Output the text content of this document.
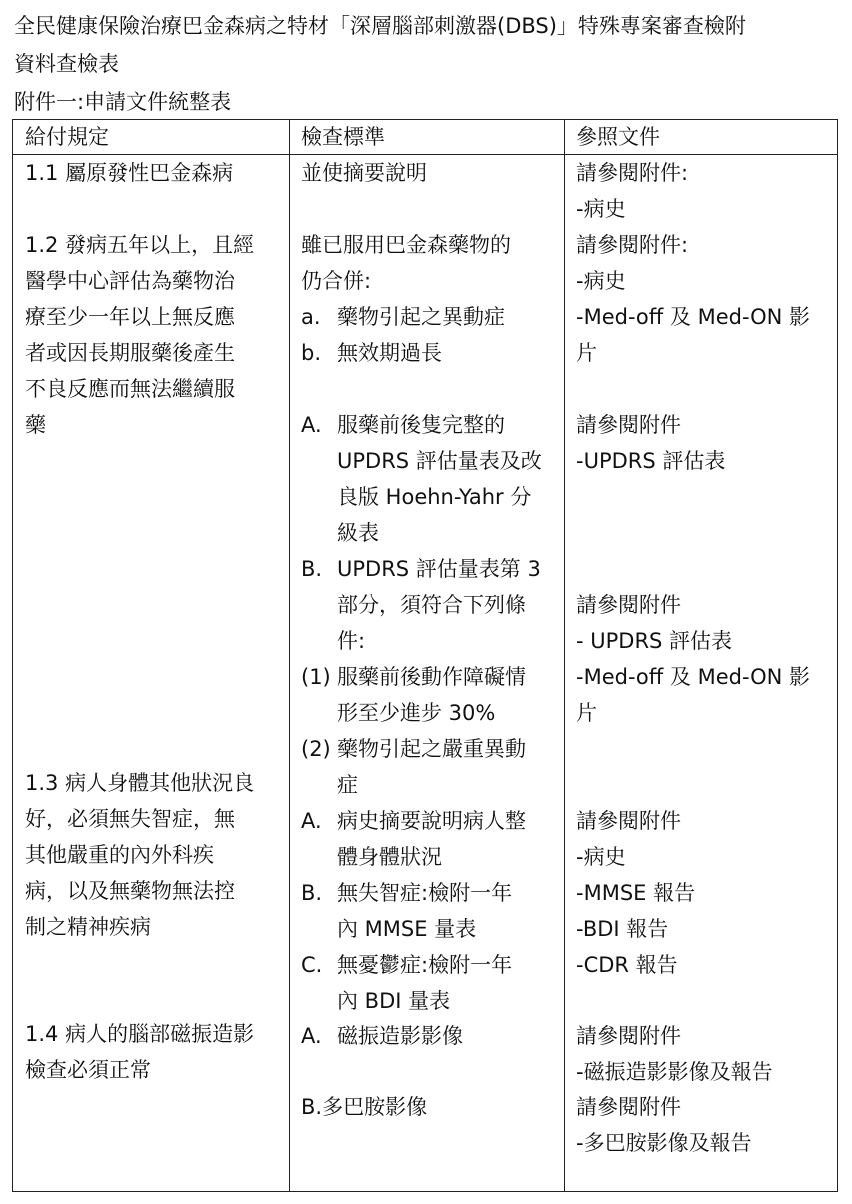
全民健康保險治療巴金森病之特材「深層腦部刺激器(DBS)」特殊專案審查檢附
資料查檢表
附件一:申請文件統整表
給付規定	檢查標準	參照文件
1.1 屬原發性巴金森病
1.2 發病五年以上，且經
醫學中心評估為藥物治
療至少一年以上無反應
者或因長期服藥後產生
不良反應而無法繼續服
藥
1.3 病人身體其他狀況良
好，必須無失智症，無
其他嚴重的內外科疾
病，以及無藥物無法控
制之精神疾病
1.4 病人的腦部磁振造影
檢查必須正常
並使摘要說明
雖已服用巴金森藥物的
仍合併:
a. 藥物引起之異動症
b. 無效期過長
A. 服藥前後隻完整的
UPDRS 評估量表及改
良版 Hoehn-Yahr 分
級表
B. UPDRS 評估量表第 3
部分，須符合下列條
件:
(1) 服藥前後動作障礙情
形至少進步 30%
(2) 藥物引起之嚴重異動
症
A. 病史摘要說明病人整
體身體狀況
B. 無失智症:檢附一年
內 MMSE 量表
C. 無憂鬱症:檢附一年
內 BDI 量表
A. 磁振造影影像
B.多巴胺影像
請參閱附件:
-病史
請參閱附件:
-病史
-Med-off 及 Med-ON 影
片
請參閱附件
-UPDRS 評估表
請參閱附件
- UPDRS 評估表
-Med-off 及 Med-ON 影
片
請參閱附件
-病史
-MMSE 報告
-BDI 報告
-CDR 報告
請參閱附件
-磁振造影影像及報告
請參閱附件
-多巴胺影像及報告
